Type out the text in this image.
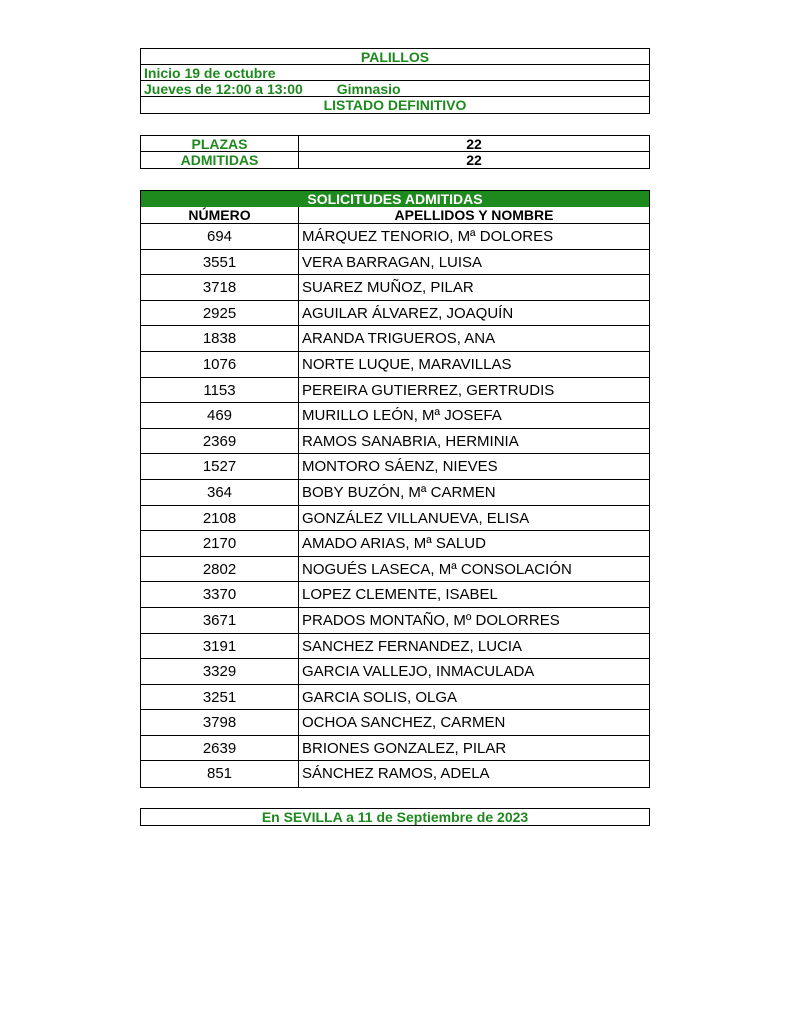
PALILLOS
Inicio 19 de octubre
Jueves de 12:00 a 13:00 Gimnasio
LISTADO DEFINITIVO
PLAZAS	22
ADMITIDAS	22
SOLICITUDES ADMITIDAS
NÚMERO	APELLIDOS Y NOMBRE
694	MÁRQUEZ TENORIO, Mª DOLORES
3551	VERA BARRAGAN, LUISA
3718	SUAREZ MUÑOZ, PILAR
2925	AGUILAR ÁLVAREZ, JOAQUÍN
1838	ARANDA TRIGUEROS, ANA
1076	NORTE LUQUE, MARAVILLAS
1153	PEREIRA GUTIERREZ, GERTRUDIS
469	MURILLO LEÓN, Mª JOSEFA
2369	RAMOS SANABRIA, HERMINIA
1527	MONTORO SÁENZ, NIEVES
364	BOBY BUZÓN, Mª CARMEN
2108	GONZÁLEZ VILLANUEVA, ELISA
2170	AMADO ARIAS, Mª SALUD
2802	NOGUÉS LASECA, Mª CONSOLACIÓN
3370	LOPEZ CLEMENTE, ISABEL
3671	PRADOS MONTAÑO, Mº DOLORRES
3191	SANCHEZ FERNANDEZ, LUCIA
3329	GARCIA VALLEJO, INMACULADA
3251	GARCIA SOLIS, OLGA
3798	OCHOA SANCHEZ, CARMEN
2639	BRIONES GONZALEZ, PILAR
851	SÁNCHEZ RAMOS, ADELA
En SEVILLA a 11 de Septiembre de 2023
